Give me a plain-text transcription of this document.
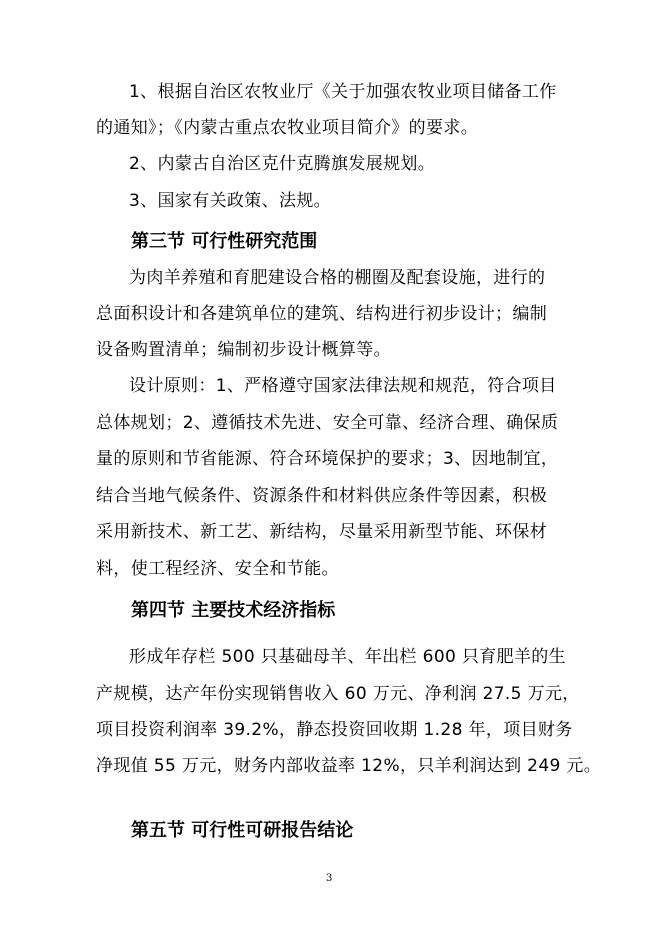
1、根据自治区农牧业厅《关于加强农牧业项目储备工作

的通知》；《内蒙古重点农牧业项目简介》的要求。

2、内蒙古自治区克什克腾旗发展规划。

3、国家有关政策、法规。

第三节 可行性研究范围

为肉羊养殖和育肥建设合格的棚圈及配套设施，进行的

总面积设计和各建筑单位的建筑、结构进行初步设计；编制

设备购置清单；编制初步设计概算等。

设计原则：1、严格遵守国家法律法规和规范，符合项目

总体规划；2、遵循技术先进、安全可靠、经济合理、确保质

量的原则和节省能源、符合环境保护的要求；3、因地制宜，

结合当地气候条件、资源条件和材料供应条件等因素，积极

采用新技术、新工艺、新结构，尽量采用新型节能、环保材

料，使工程经济、安全和节能。

第四节 主要技术经济指标

形成年存栏 500 只基础母羊、年出栏 600 只育肥羊的生

产规模，达产年份实现销售收入 60 万元、净利润 27.5 万元，

项目投资利润率 39.2%，静态投资回收期 1.28 年，项目财务

净现值 55 万元，财务内部收益率 12%，只羊利润达到 249 元。

第五节 可行性可研报告结论
3
